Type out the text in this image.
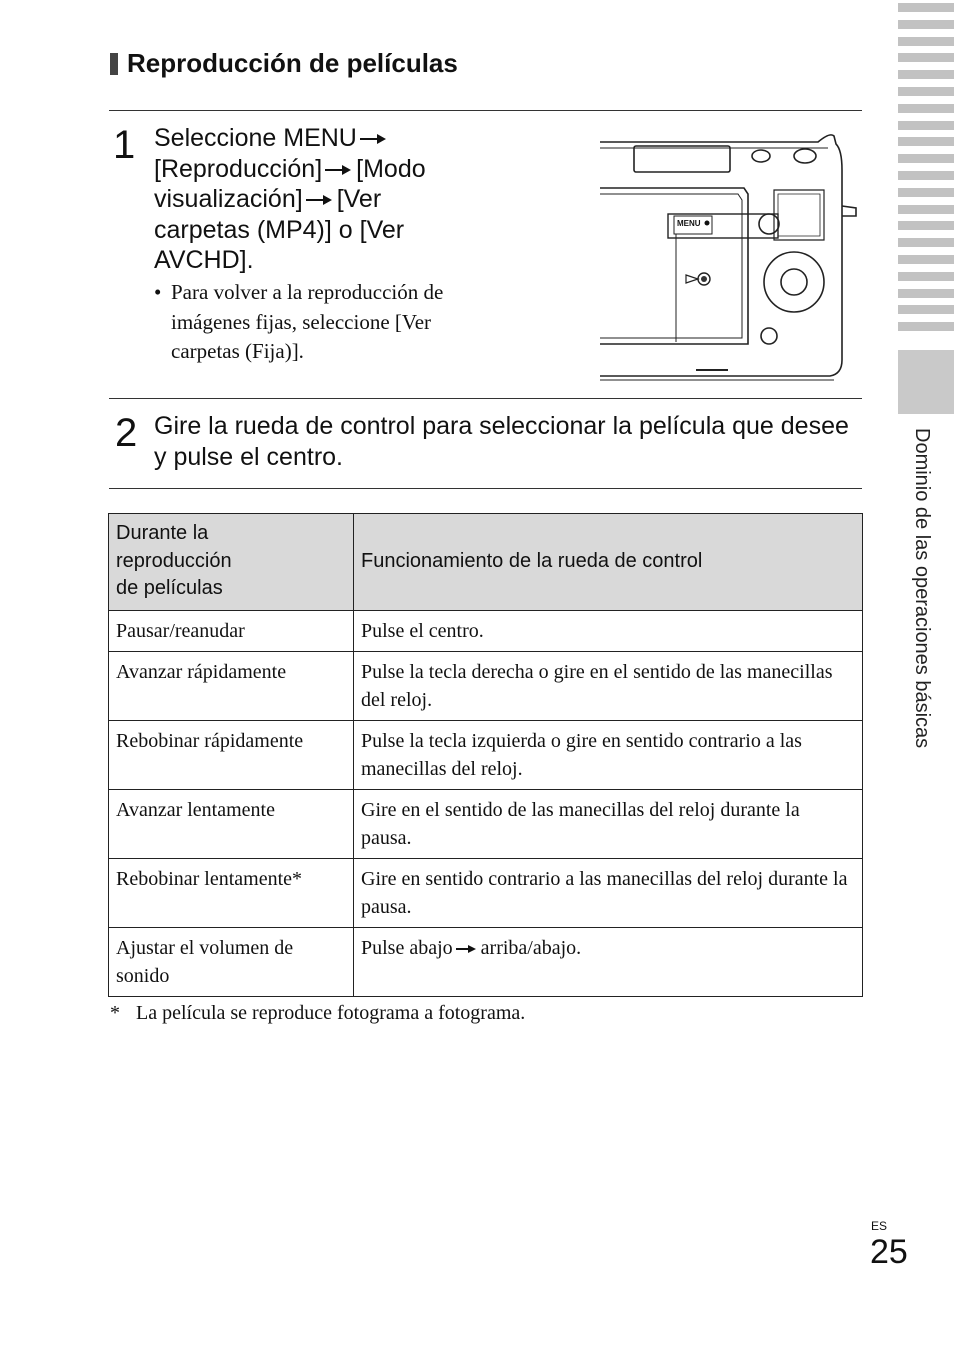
Reproducción de películas
1 Seleccione MENU
[Reproducción] [Modo
visualización] [Ver
carpetas (MP4)] o [Ver
AVCHD].
• Para volver a la reproducción de imágenes fijas, seleccione [Ver carpetas (Fija)].
MENU
2 Gire la rueda de control para seleccionar la película que desee y pulse el centro.
Durante la
reproducción
de películas	Funcionamiento de la rueda de control
Pausar/reanudar	Pulse el centro.
Avanzar rápidamente	Pulse la tecla derecha o gire en el sentido de las manecillas del reloj.
Rebobinar rápidamente	Pulse la tecla izquierda o gire en sentido contrario a las manecillas del reloj.
Avanzar lentamente	Gire en el sentido de las manecillas del reloj durante la pausa.
Rebobinar lentamente*	Gire en sentido contrario a las manecillas del reloj durante la pausa.
Ajustar el volumen de sonido	Pulse abajo arriba/abajo.
* La película se reproduce fotograma a fotograma.
Dominio de las operaciones básicas
ES
25
